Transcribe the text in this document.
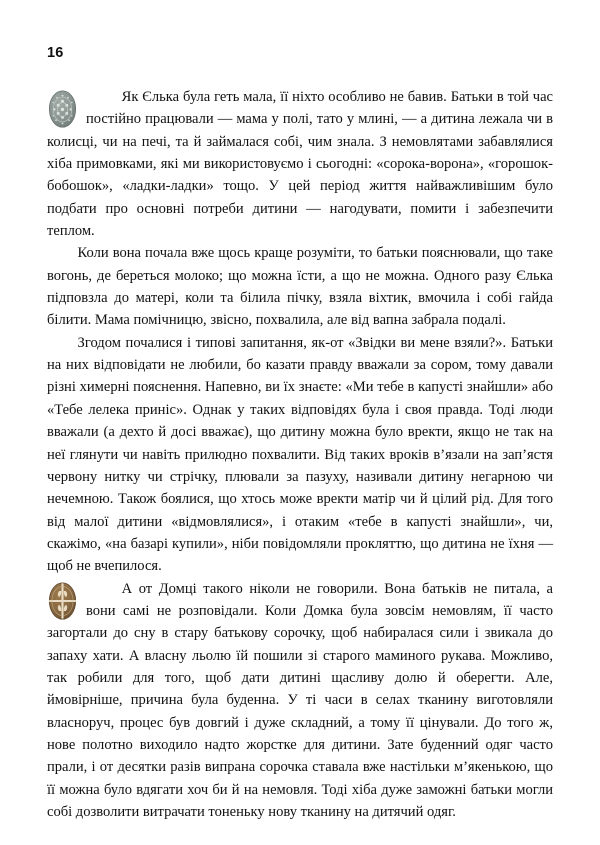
16

Як Єлька була геть мала, її ніхто особливо не бавив. Батьки в той час постійно працювали — мама у полі, тато у млині, — а дитина лежала чи в колисці, чи на печі, та й займалася собі, чим знала. З немовлятами забавлялися хіба примовками, які ми використовуємо і сьогодні: «сорока-ворона», «горошок-бобошок», «ладки-ладки» тощо. У цей період життя найважливішим було подбати про основні потреби дитини — нагодувати, помити і забезпечити теплом.

Коли вона почала вже щось краще розуміти, то батьки пояснювали, що таке вогонь, де береться молоко; що можна їсти, а що не можна. Одного разу Єлька підповзла до матері, коли та білила пічку, взяла віхтик, вмочила і собі гайда білити. Мама помічницю, звісно, похвалила, але від вапна забрала подалі.

Згодом почалися і типові запитання, як-от «Звідки ви мене взяли?». Батьки на них відповідати не любили, бо казати правду вважали за сором, тому давали різні химерні пояснення. Напевно, ви їх знаєте: «Ми тебе в капусті знайшли» або «Тебе лелека приніс». Однак у таких відповідях була і своя правда. Тоді люди вважали (а дехто й досі вважає), що дитину можна було вректи, якщо не так на неї глянути чи навіть прилюдно похвалити. Від таких вроків в’язали на зап’ястя червону нитку чи стрічку, плювали за пазуху, називали дитину негарною чи нечемною. Також боялися, що хтось може вректи матір чи й цілий рід. Для того від малої дитини «відмовлялися», і отаким «тебе в капусті знайшли», чи, скажімо, «на базарі купили», ніби повідомляли прокляттю, що дитина не їхня — щоб не вчепилося.

А от Домці такого ніколи не говорили. Вона батьків не питала, а вони самі не розповідали. Коли Домка була зовсім немовлям, її часто загортали до сну в стару батькову сорочку, щоб набиралася сили і звикала до запаху хати. А власну льолю їй пошили зі старого маминого рукава. Можливо, так робили для того, щоб дати дитині щасливу долю й оберегти. Але, ймовірніше, причина була буденна. У ті часи в селах тканину виготовляли власноруч, процес був довгий і дуже складний, а тому її цінували. До того ж, нове полотно виходило надто жорстке для дитини. Зате буденний одяг часто прали, і от десятки разів випрана сорочка ставала вже настільки м’якенькою, що її можна було вдягати хоч би й на немовля. Тоді хіба дуже заможні батьки могли собі дозволити витрачати тоненьку нову тканину на дитячий одяг.
